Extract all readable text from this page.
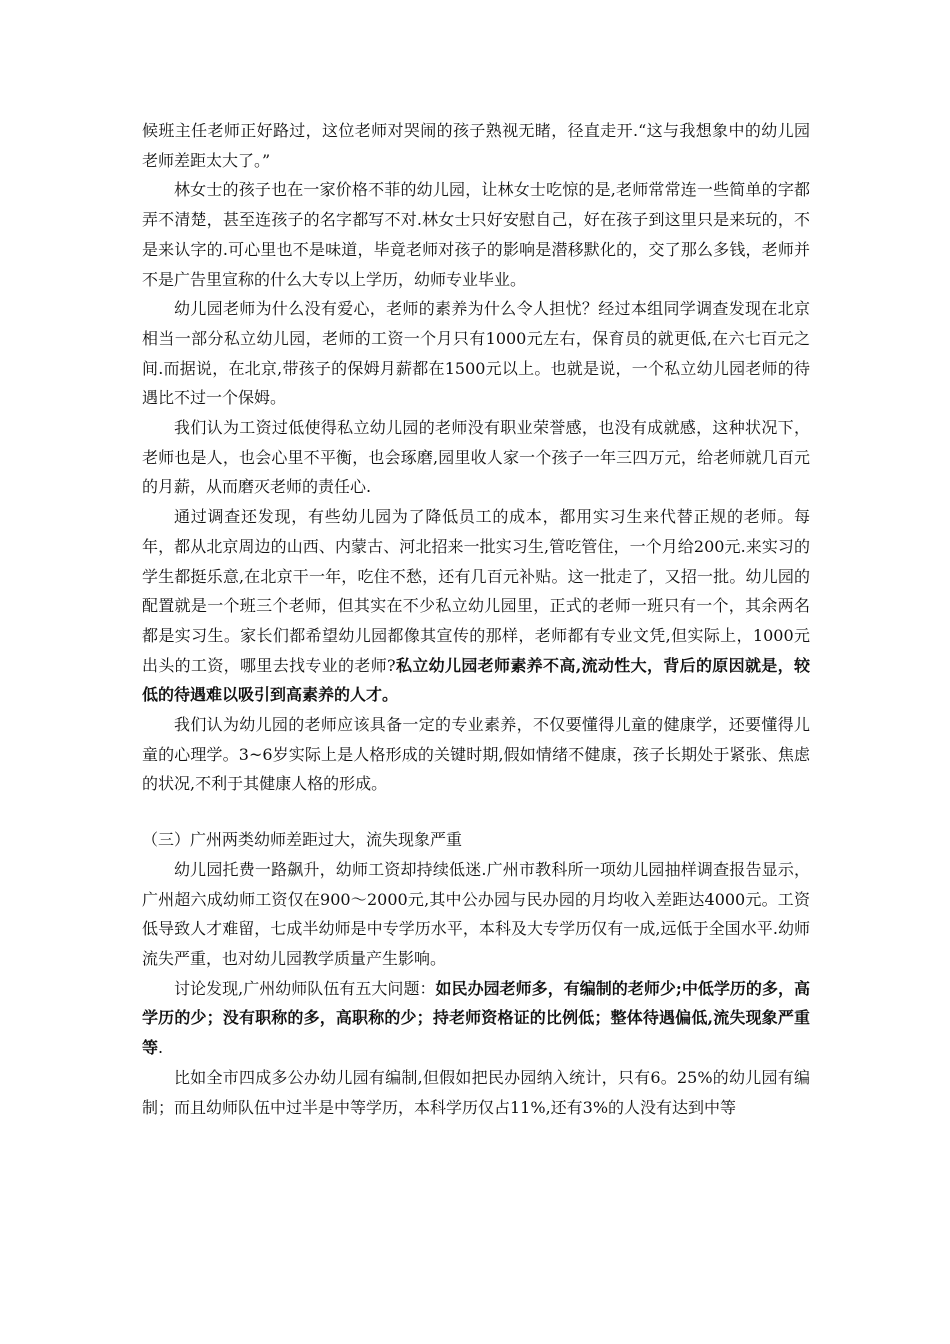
候班主任老师正好路过，这位老师对哭闹的孩子熟视无睹，径直走开.“这与我想象中的幼儿园老师差距太大了。”

林女士的孩子也在一家价格不菲的幼儿园，让林女士吃惊的是,老师常常连一些简单的字都弄不清楚，甚至连孩子的名字都写不对.林女士只好安慰自己，好在孩子到这里只是来玩的，不是来认字的.可心里也不是味道，毕竟老师对孩子的影响是潜移默化的，交了那么多钱，老师并不是广告里宣称的什么大专以上学历，幼师专业毕业。

幼儿园老师为什么没有爱心，老师的素养为什么令人担忧？经过本组同学调查发现在北京相当一部分私立幼儿园，老师的工资一个月只有1000元左右，保育员的就更低,在六七百元之间.而据说，在北京,带孩子的保姆月薪都在1500元以上。也就是说，一个私立幼儿园老师的待遇比不过一个保姆。

我们认为工资过低使得私立幼儿园的老师没有职业荣誉感，也没有成就感，这种状况下，老师也是人，也会心里不平衡，也会琢磨,园里收人家一个孩子一年三四万元，给老师就几百元的月薪，从而磨灭老师的责任心.

通过调查还发现，有些幼儿园为了降低员工的成本，都用实习生来代替正规的老师。每年，都从北京周边的山西、内蒙古、河北招来一批实习生,管吃管住，一个月给200元.来实习的学生都挺乐意,在北京干一年，吃住不愁，还有几百元补贴。这一批走了，又招一批。幼儿园的配置就是一个班三个老师，但其实在不少私立幼儿园里，正式的老师一班只有一个，其余两名都是实习生。家长们都希望幼儿园都像其宣传的那样，老师都有专业文凭,但实际上，1000元出头的工资，哪里去找专业的老师?私立幼儿园老师素养不高,流动性大，背后的原因就是，较低的待遇难以吸引到高素养的人才。

我们认为幼儿园的老师应该具备一定的专业素养，不仅要懂得儿童的健康学，还要懂得儿童的心理学。3~6岁实际上是人格形成的关键时期,假如情绪不健康，孩子长期处于紧张、焦虑的状况,不利于其健康人格的形成。

（三）广州两类幼师差距过大，流失现象严重

幼儿园托费一路飙升，幼师工资却持续低迷.广州市教科所一项幼儿园抽样调查报告显示，广州超六成幼师工资仅在900～2000元,其中公办园与民办园的月均收入差距达4000元。工资低导致人才难留，七成半幼师是中专学历水平，本科及大专学历仅有一成,远低于全国水平.幼师流失严重，也对幼儿园教学质量产生影响。

讨论发现,广州幼师队伍有五大问题：如民办园老师多，有编制的老师少;中低学历的多，高学历的少；没有职称的多，高职称的少；持老师资格证的比例低；整体待遇偏低,流失现象严重等.

比如全市四成多公办幼儿园有编制,但假如把民办园纳入统计，只有6。25%的幼儿园有编制；而且幼师队伍中过半是中等学历，本科学历仅占11%,还有3%的人没有达到中等
